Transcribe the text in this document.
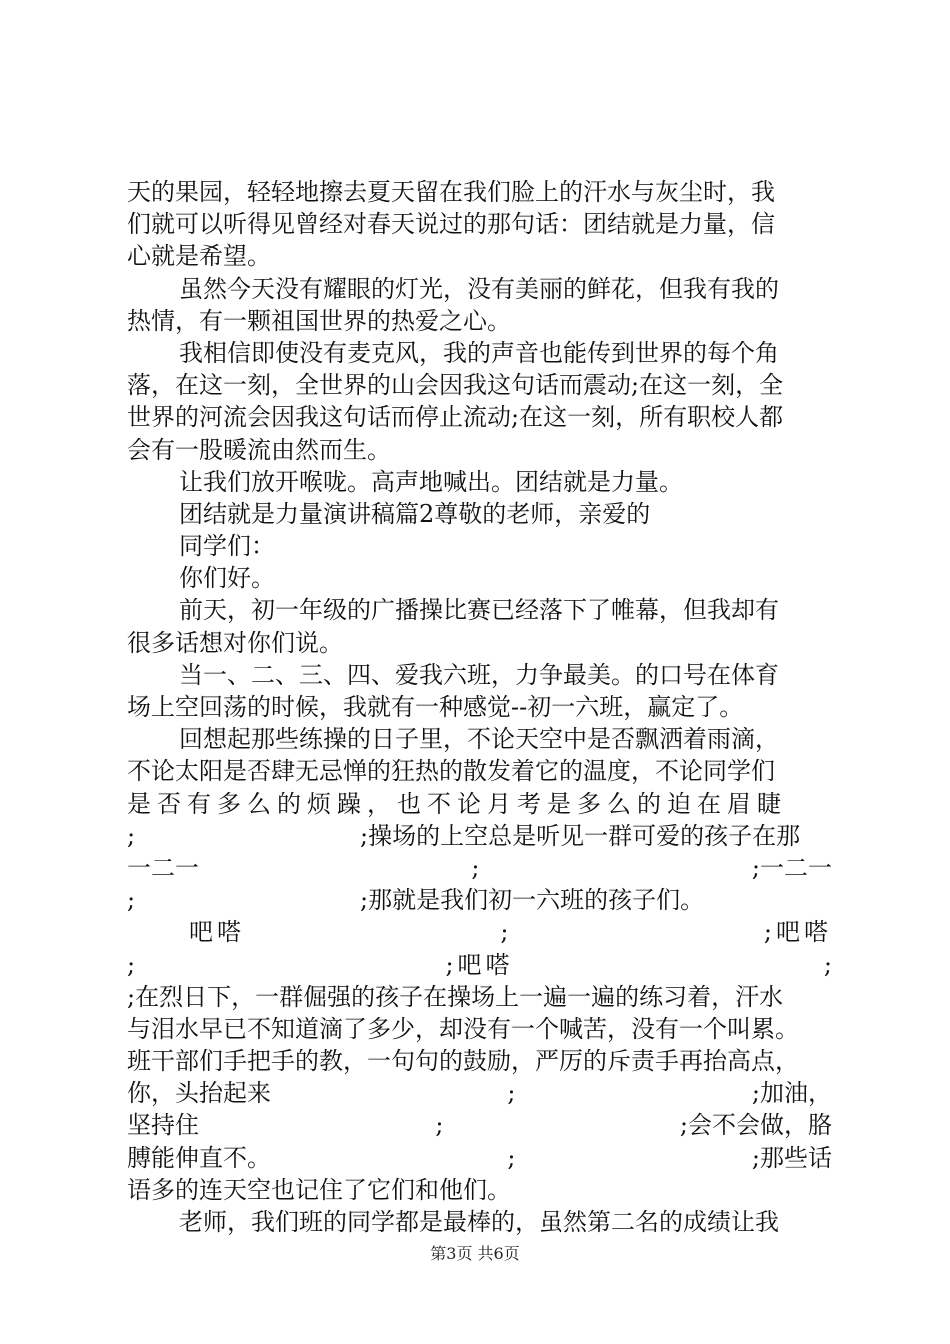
天的果园，轻轻地擦去夏天留在我们脸上的汗水与灰尘时，我
们就可以听得见曾经对春天说过的那句话：团结就是力量，信
心就是希望。
虽然今天没有耀眼的灯光，没有美丽的鲜花，但我有我的
热情，有一颗祖国世界的热爱之心。
我相信即使没有麦克风，我的声音也能传到世界的每个角
落，在这一刻，全世界的山会因我这句话而震动;在这一刻，全
世界的河流会因我这句话而停止流动;在这一刻，所有职校人都
会有一股暖流由然而生。
让我们放开喉咙。高声地喊出。团结就是力量。
团结就是力量演讲稿篇2尊敬的老师，亲爱的
同学们：
你们好。
前天，初一年级的广播操比赛已经落下了帷幕，但我却有
很多话想对你们说。
当一、二、三、四、爱我六班，力争最美。的口号在体育
场上空回荡的时候，我就有一种感觉--初一六班，赢定了。
回想起那些练操的日子里，不论天空中是否飘洒着雨滴，
不论太阳是否肆无忌惮的狂热的散发着它的温度，不论同学们
是否有多么的烦躁，也不论月考是多么的迫在眉睫
;	;操场的上空总是听见一群可爱的孩子在那
一二一	;	;一二一
;	;那就是我们初一六班的孩子们。
吧嗒	;	;吧嗒
;	;吧嗒	;
;在烈日下，一群倔强的孩子在操场上一遍一遍的练习着，汗水
与泪水早已不知道滴了多少，却没有一个喊苦，没有一个叫累。
班干部们手把手的教，一句句的鼓励，严厉的斥责手再抬高点，
你，头抬起来	;	;加油，
坚持住	;	;会不会做，胳
膊能伸直不。	;	;那些话
语多的连天空也记住了它们和他们。
老师，我们班的同学都是最棒的，虽然第二名的成绩让我
第3页 共6页
